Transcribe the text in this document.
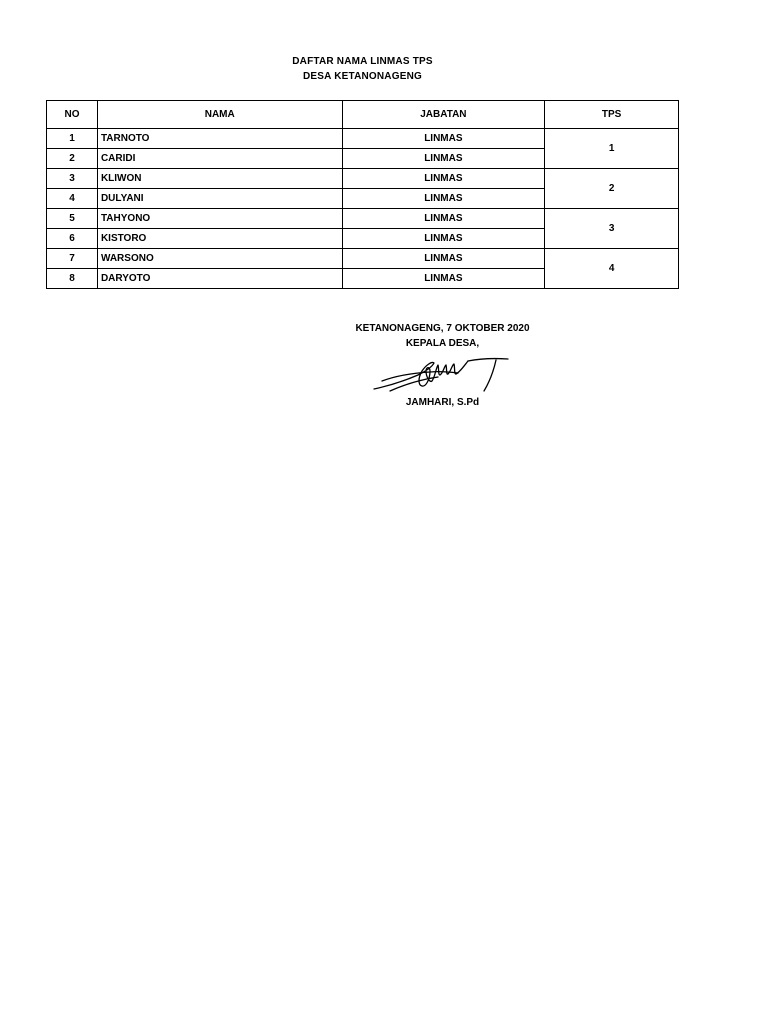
DAFTAR NAMA LINMAS TPS
DESA KETANONAGENG
NO	NAMA	JABATAN	TPS
1	TARNOTO	LINMAS	1
2	CARIDI	LINMAS	
3	KLIWON	LINMAS	2
4	DULYANI	LINMAS	
5	TAHYONO	LINMAS	3
6	KISTORO	LINMAS	
7	WARSONO	LINMAS	4
8	DARYOTO	LINMAS	
KETANONAGENG, 7 OKTOBER 2020
KEPALA DESA,
JAMHARI, S.Pd
